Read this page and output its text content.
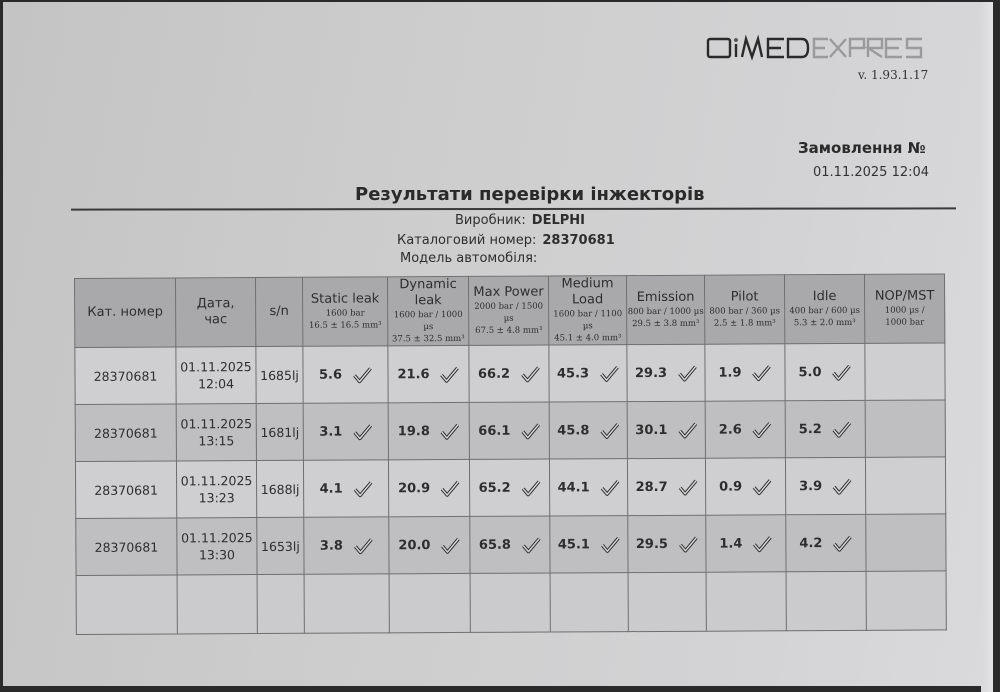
v. 1.93.1.17
Замовлення №
01.11.2025 12:04
Результати перевірки інжекторів
Виробник: DELPHI
Каталоговий номер: 28370681
Модель автомобіля:
Кат. номер	Дата,
час	s/n	Static leak
1600 bar
16.5 ± 16.5 mm³	Dynamic leak
1600 bar / 1000 µs
37.5 ± 32.5 mm³	Max Power
2000 bar / 1500 µs
67.5 ± 4.8 mm³	Medium Load
1600 bar / 1100 µs
45.1 ± 4.0 mm³	Emission
800 bar / 1000 µs
29.5 ± 3.8 mm³	Pilot
800 bar / 360 µs
2.5 ± 1.8 mm³	Idle
400 bar / 600 µs
5.3 ± 2.0 mm³	NOP/MST
1000 µs /
1000 bar

28370681	01.11.2025
12:04	1685lj	5.6	21.6	66.2	45.3	29.3	1.9	5.0	
28370681	01.11.2025
13:15	1681lj	3.1	19.8	66.1	45.8	30.1	2.6	5.2	
28370681	01.11.2025
13:23	1688lj	4.1	20.9	65.2	44.1	28.7	0.9	3.9	
28370681	01.11.2025
13:30	1653lj	3.8	20.0	65.8	45.1	29.5	1.4	4.2	
